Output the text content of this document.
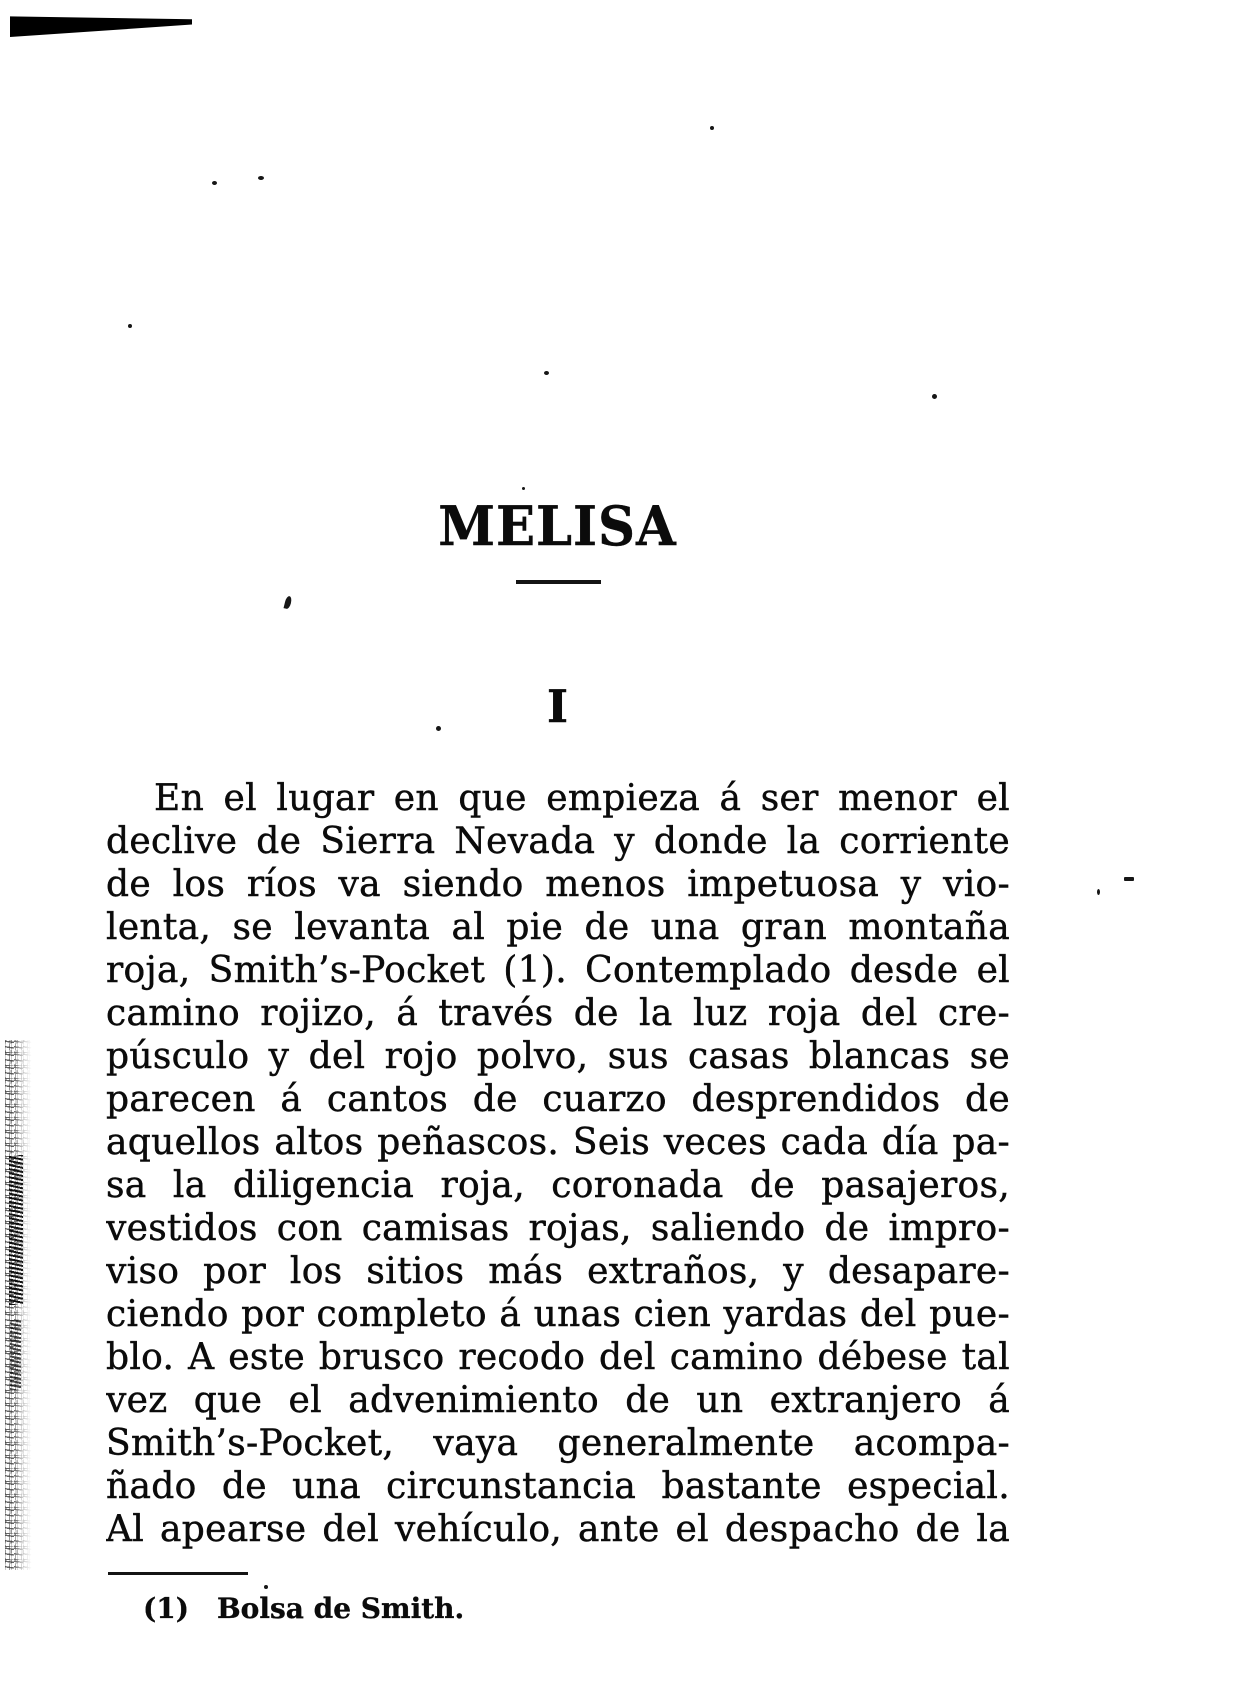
MELISA
I
En el lugar en que empieza á ser menor el
declive de Sierra Nevada y donde la corriente
de los ríos va siendo menos impetuosa y vio-
lenta, se levanta al pie de una gran montaña
roja, Smith’s-Pocket (1). Contemplado desde el
camino rojizo, á través de la luz roja del cre-
púsculo y del rojo polvo, sus casas blancas se
parecen á cantos de cuarzo desprendidos de
aquellos altos peñascos. Seis veces cada día pa-
sa la diligencia roja, coronada de pasajeros,
vestidos con camisas rojas, saliendo de impro-
viso por los sitios más extraños, y desapare-
ciendo por completo á unas cien yardas del pue-
blo. A este brusco recodo del camino débese tal
vez que el advenimiento de un extranjero á
Smith’s-Pocket, vaya generalmente acompa-
ñado de una circunstancia bastante especial.
Al apearse del vehículo, ante el despacho de la
(1) Bolsa de Smith.
